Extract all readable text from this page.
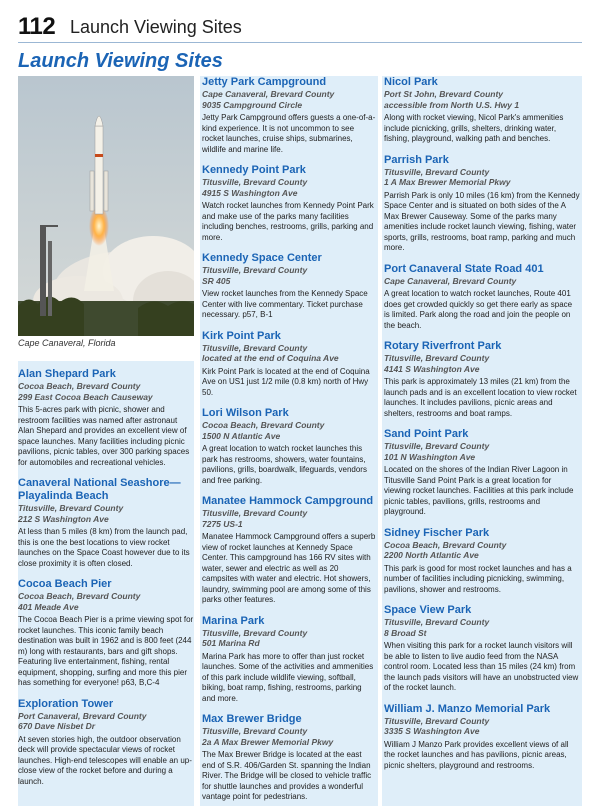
112 Launch Viewing Sites
Launch Viewing Sites
Cape Canaveral, Florida
Alan Shepard Park
Cocoa Beach, Brevard County
299 East Cocoa Beach Causeway
This 5-acres park with picnic, shower and restroom facilities was named after astronaut Alan Shepard and provides an excellent view of space launches. Many facilities including picnic pavilions, picnic tables, over 300 parking spaces for automobiles and recreational vehicles.
Canaveral National Seashore—Playalinda Beach
Titusville, Brevard County
212 S Washington Ave
At less than 5 miles (8 km) from the launch pad, this is one the best locations to view rocket launches on the Space Coast however due to its close proximity it is often closed.
Cocoa Beach Pier
Cocoa Beach, Brevard County
401 Meade Ave
The Cocoa Beach Pier is a prime viewing spot for rocket launches. This iconic family beach destination was built in 1962 and is 800 feet (244 m) long with restaurants, bars and gift shops. Featuring live entertainment, fishing, rental equipment, shopping, surfing and more this pier has something for everyone! p63, B,C-4
Exploration Tower
Port Canaveral, Brevard County
670 Dave Nisbet Dr
At seven stories high, the outdoor observation deck will provide spectacular views of rocket launches. High-end telescopes will enable an up-close view of the rocket before and during a launch.
Jetty Park Campground
Cape Canaveral, Brevard County
9035 Campground Circle
Jetty Park Campground offers guests a one-of-a-kind experience. It is not uncommon to see rocket launches, cruise ships, submarines, wildlife and marine life.
Kennedy Point Park
Titusville, Brevard County
4915 S Washington Ave
Watch rocket launches from Kennedy Point Park and make use of the parks many facilities including benches, restrooms, grills, parking and more.
Kennedy Space Center
Titusville, Brevard County
SR 405
View rocket launches from the Kennedy Space Center with live commentary. Ticket purchase necessary. p57, B-1
Kirk Point Park
Titusville, Brevard County
located at the end of Coquina Ave
Kirk Point Park is located at the end of Coquina Ave on US1 just 1/2 mile (0.8 km) north of Hwy 50.
Lori Wilson Park
Cocoa Beach, Brevard County
1500 N Atlantic Ave
A great location to watch rocket launches this park has restrooms, showers, water fountains, pavilions, grills, boardwalk, lifeguards, vendors and free parking.
Manatee Hammock Campground
Titusville, Brevard County
7275 US-1
Manatee Hammock Campground offers a superb view of rocket launches at Kennedy Space Center. This campground has 166 RV sites with water, sewer and electric as well as 20 campsites with water and electric. Hot showers, laundry, swimming pool are among some of this parks other features.
Marina Park
Titusville, Brevard County
501 Marina Rd
Marina Park has more to offer than just rocket launches. Some of the activities and ammenities of this park include wildlife viewing, softball, biking, boat ramp, fishing, restrooms, parking and more.
Max Brewer Bridge
Titusville, Brevard County
2a A Max Brewer Memorial Pkwy
The Max Brewer Bridge is located at the east end of S.R. 406/Garden St. spanning the Indian River. The Bridge will be closed to vehicle traffic for shuttle launches and provides a wonderful vantage point for pedestrians.
Nicol Park
Port St John, Brevard County
accessible from North U.S. Hwy 1
Along with rocket viewing, Nicol Park's ammenities include picnicking, grills, shelters, drinking water, fishing, playground, walking path and benches.
Parrish Park
Titusville, Brevard County
1 A Max Brewer Memorial Pkwy
Parrish Park is only 10 miles (16 km) from the Kennedy Space Center and is situated on both sides of the A Max Brewer Causeway. Some of the parks many amenities include rocket launch viewing, fishing, water sports, grills, restrooms, boat ramp, parking and much more.
Port Canaveral State Road 401
Cape Canaveral, Brevard County
A great location to watch rocket launches, Route 401 does get crowded quickly so get there early as space is limited. Park along the road and join the people on the beach.
Rotary Riverfront Park
Titusville, Brevard County
4141 S Washington Ave
This park is approximately 13 miles (21 km) from the launch pads and is an excellent location to view rocket launches. It includes pavilions, picnic areas and shelters, restrooms and boat ramps.
Sand Point Park
Titusville, Brevard County
101 N Washington Ave
Located on the shores of the Indian River Lagoon in Titusville Sand Point Park is a great location for viewing rocket launches. Facilities at this park include picnic tables, pavilions, grills, restrooms and playground.
Sidney Fischer Park
Cocoa Beach, Brevard County
2200 North Atlantic Ave
This park is good for most rocket launches and has a number of facilities including picnicking, swimming, pavilions, shower and restrooms.
Space View Park
Titusville, Brevard County
8 Broad St
When visiting this park for a rocket launch visitors will be able to listen to live audio feed from the NASA control room. Located less than 15 miles (24 km) from the launch pads visitors will have an unobstructed view of the rocket launch.
William J. Manzo Memorial Park
Titusville, Brevard County
3335 S Washington Ave
William J Manzo Park provides excellent views of all the rocket launches and has pavilions, picnic areas, picnic shelters, playground and restrooms.
